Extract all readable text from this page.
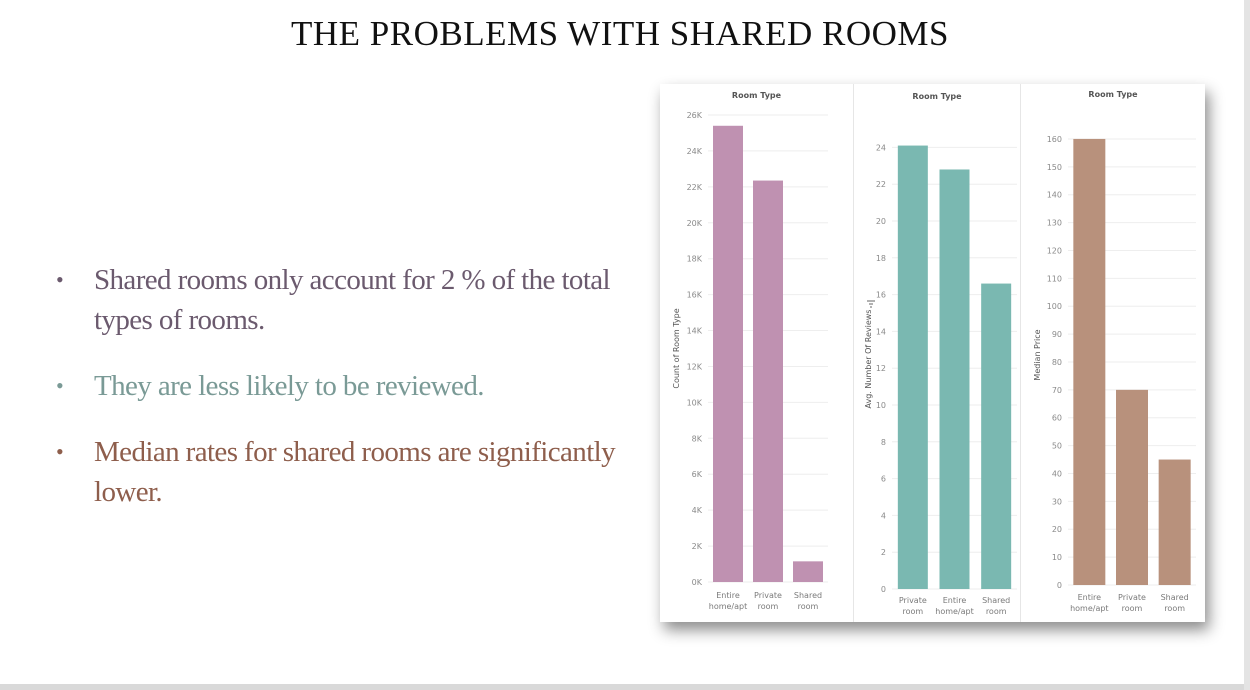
THE PROBLEMS WITH SHARED ROOMS
• Shared rooms only account for 2 % of the total types of rooms.
• They are less likely to be reviewed.
• Median rates for shared rooms are significantly lower.
Room Type
Count of Room Type
0K
2K
4K
6K
8K
10K
12K
14K
16K
18K
20K
22K
24K
26K
Entire
home/apt
Private
room
Shared
room
Room Type
Avg. Number Of Reviews
0
2
4
6
8
10
12
14
16
18
20
22
24
Private
room
Entire
home/apt
Shared
room
Room Type
Median Price
0
10
20
30
40
50
60
70
80
90
100
110
120
130
140
150
160
Entire
home/apt
Private
room
Shared
room
